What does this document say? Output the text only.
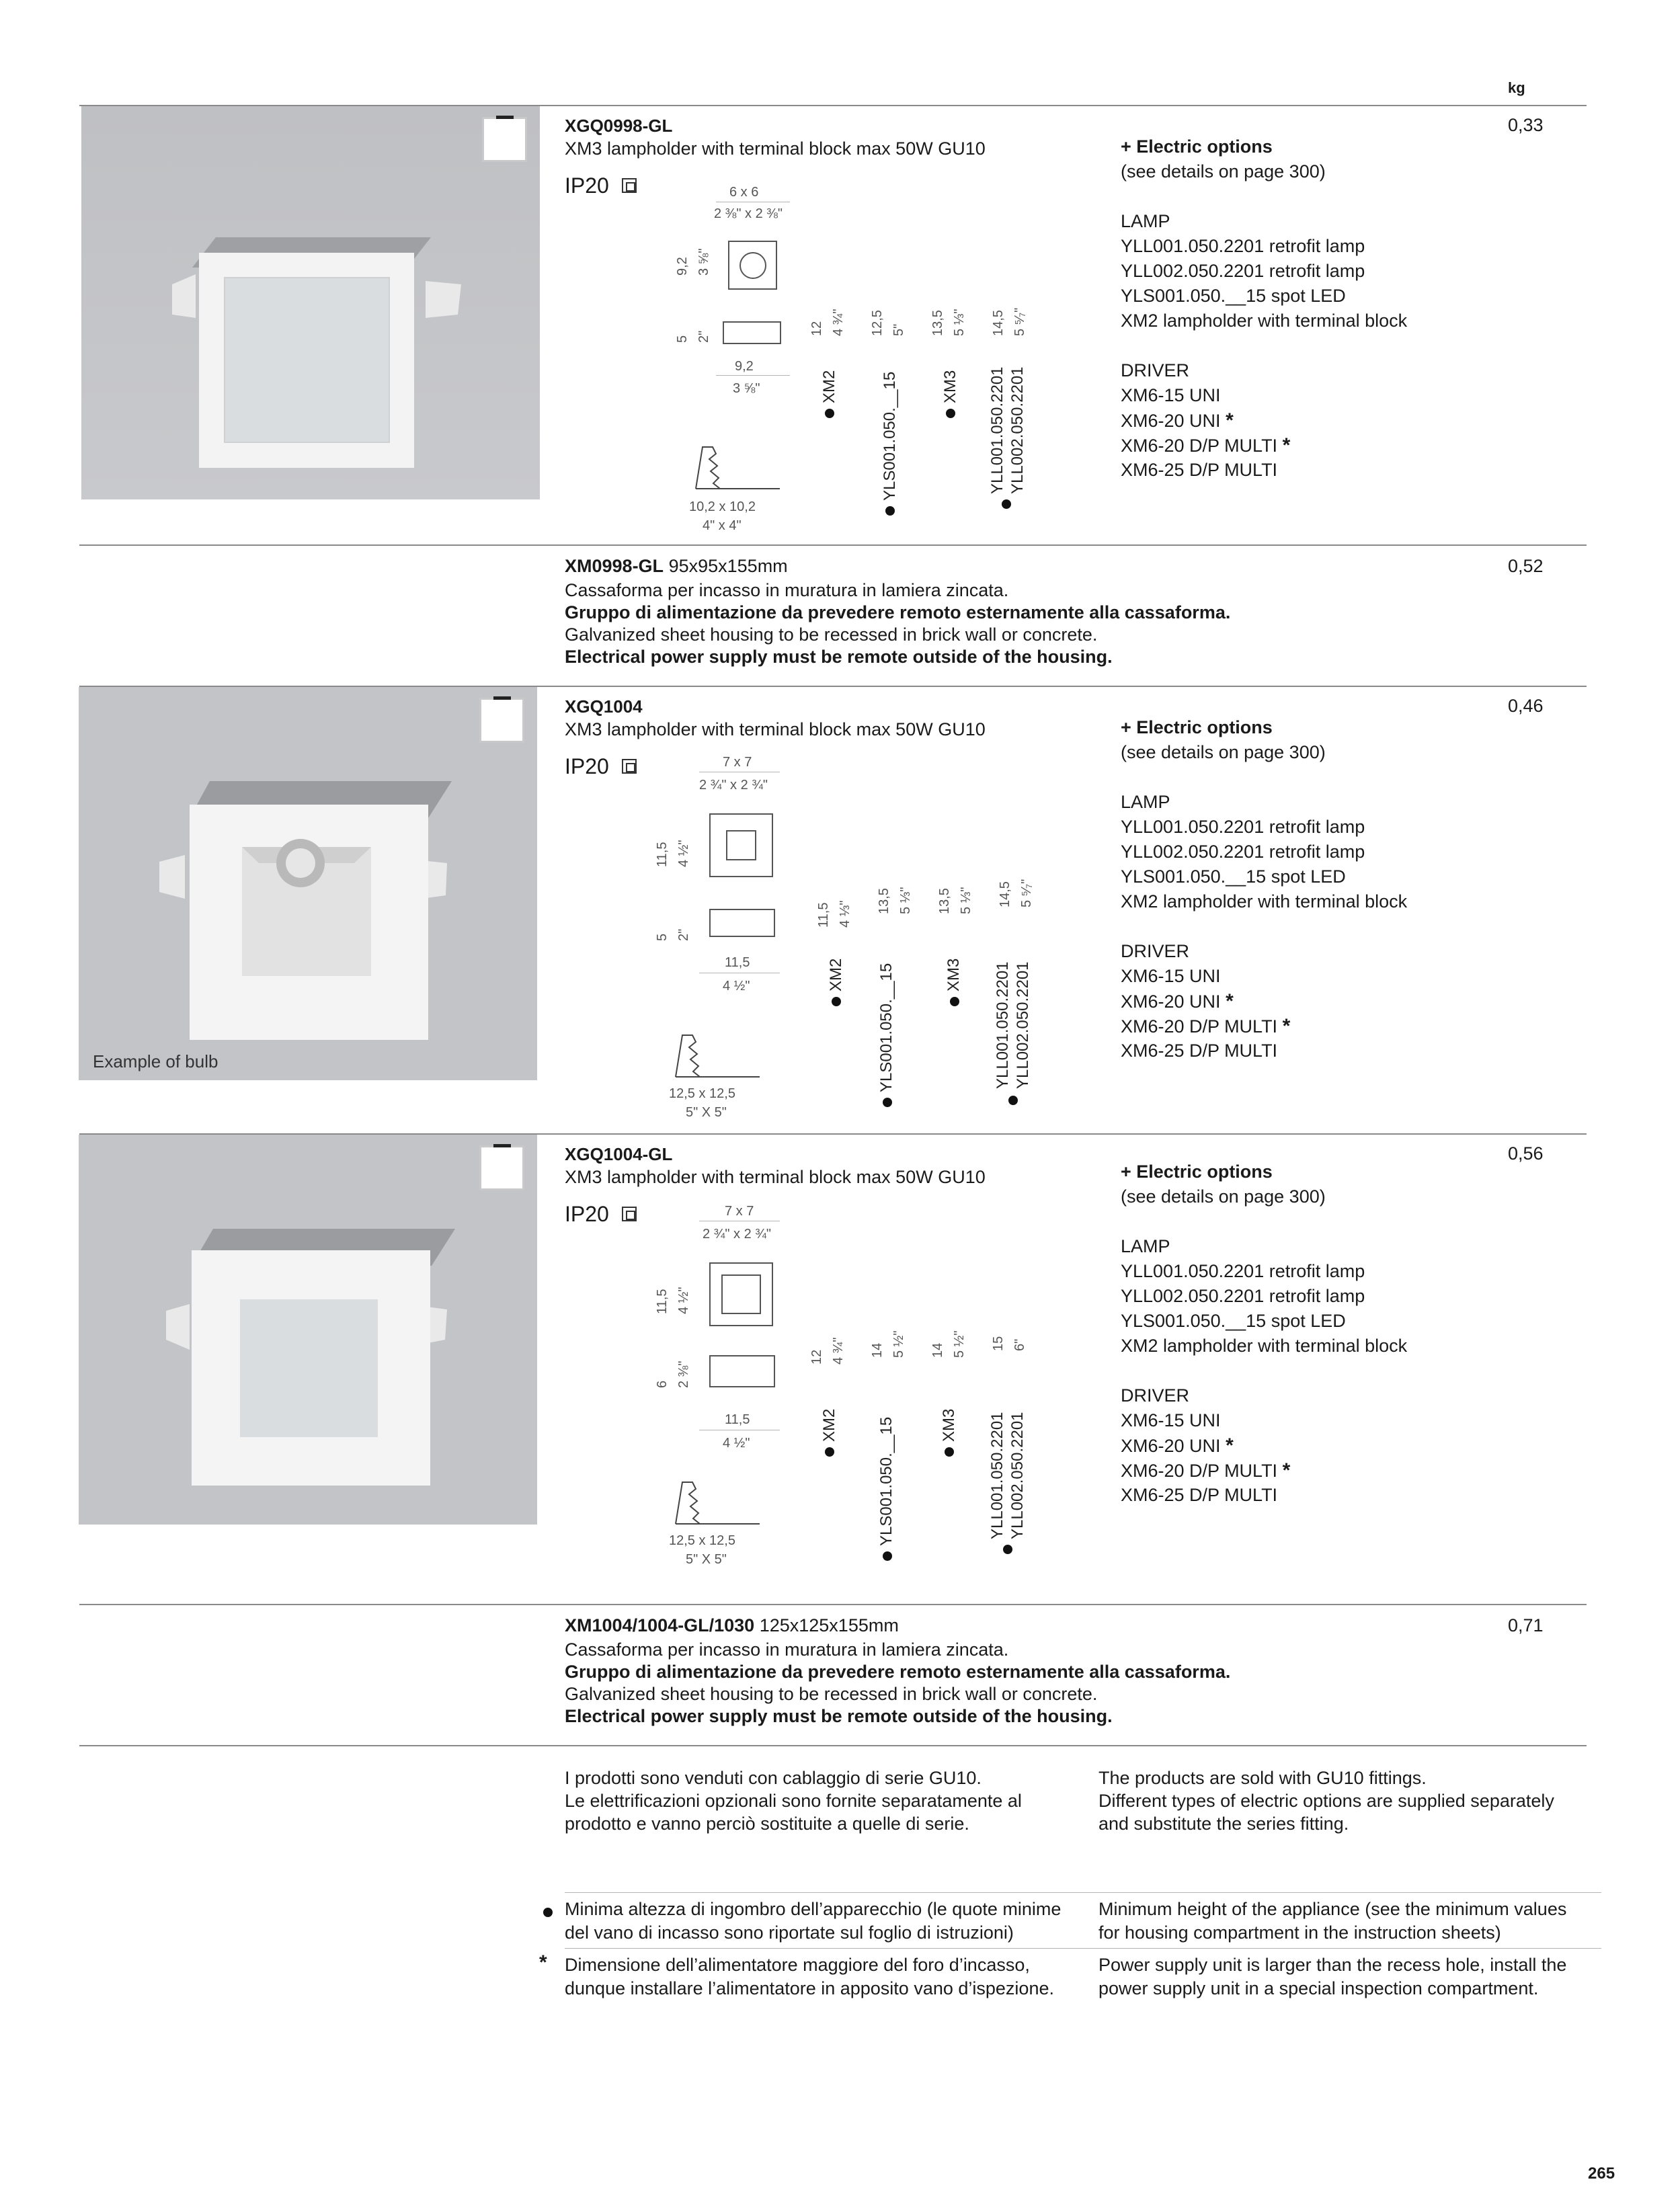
kg
XGQ0998-GL
XM3 lampholder with terminal block max 50W GU10
IP20	6 x 6
2 ⅜" x 2 ⅜"
9,2 3 ⅝"
5 2"
9,2
3 ⅝"
10,2 x 10,2
4" x 4"
12 4 ¾"
XM2
12,5 5"
YLS001.050.__15
13,5 5 ⅓"
XM3
14,5 5 ⁵⁄₇"
YLL001.050.2201 YLL002.050.2201
+ Electric options
(see details on page 300)
LAMP
YLL001.050.2201 retrofit lamp
YLL002.050.2201 retrofit lamp
YLS001.050.__15 spot LED
XM2 lampholder with terminal block
DRIVER
XM6-15 UNI
XM6-20 UNI *
XM6-20 D/P MULTI *
XM6-25 D/P MULTI
0,33
XM0998-GL 95x95x155mm
Cassaforma per incasso in muratura in lamiera zincata.
Gruppo di alimentazione da prevedere remoto esternamente alla cassaforma.
Galvanized sheet housing to be recessed in brick wall or concrete.
Electrical power supply must be remote outside of the housing.
0,52
Example of bulb
XGQ1004
XM3 lampholder with terminal block max 50W GU10
IP20	7 x 7
2 ¾" x 2 ¾"
11,5 4 ½"
5 2"
11,5
4 ½"
12,5 x 12,5
5" X 5"
11,5 4 ⅓"
XM2
13,5 5 ⅓"
YLS001.050.__15
13,5 5 ⅓"
XM3
14,5 5 ⁵⁄₇"
YLL001.050.2201 YLL002.050.2201
+ Electric options
(see details on page 300)
LAMP
YLL001.050.2201 retrofit lamp
YLL002.050.2201 retrofit lamp
YLS001.050.__15 spot LED
XM2 lampholder with terminal block
DRIVER
XM6-15 UNI
XM6-20 UNI *
XM6-20 D/P MULTI *
XM6-25 D/P MULTI
0,46
XGQ1004-GL
XM3 lampholder with terminal block max 50W GU10
IP20	7 x 7
2 ¾" x 2 ¾"
11,5 4 ½"
6 2 ⅜"
11,5
4 ½"
12,5 x 12,5
5" X 5"
12 4 ¾"
XM2
14 5 ½"
YLS001.050.__15
14 5 ½"
XM3
15 6"
YLL001.050.2201 YLL002.050.2201
+ Electric options
(see details on page 300)
LAMP
YLL001.050.2201 retrofit lamp
YLL002.050.2201 retrofit lamp
YLS001.050.__15 spot LED
XM2 lampholder with terminal block
DRIVER
XM6-15 UNI
XM6-20 UNI *
XM6-20 D/P MULTI *
XM6-25 D/P MULTI
0,56
XM1004/1004-GL/1030 125x125x155mm
Cassaforma per incasso in muratura in lamiera zincata.
Gruppo di alimentazione da prevedere remoto esternamente alla cassaforma.
Galvanized sheet housing to be recessed in brick wall or concrete.
Electrical power supply must be remote outside of the housing.
0,71
I prodotti sono venduti con cablaggio di serie GU10.
Le elettrificazioni opzionali sono fornite separatamente al
prodotto e vanno perciò sostituite a quelle di serie.
The products are sold with GU10 fittings.
Different types of electric options are supplied separately
and substitute the series fitting.
Minima altezza di ingombro dell’apparecchio (le quote minime
del vano di incasso sono riportate sul foglio di istruzioni)
Minimum height of the appliance (see the minimum values
for housing compartment in the instruction sheets)
* Dimensione dell’alimentatore maggiore del foro d’incasso,
dunque installare l’alimentatore in apposito vano d’ispezione.
Power supply unit is larger than the recess hole, install the
power supply unit in a special inspection compartment.
265
